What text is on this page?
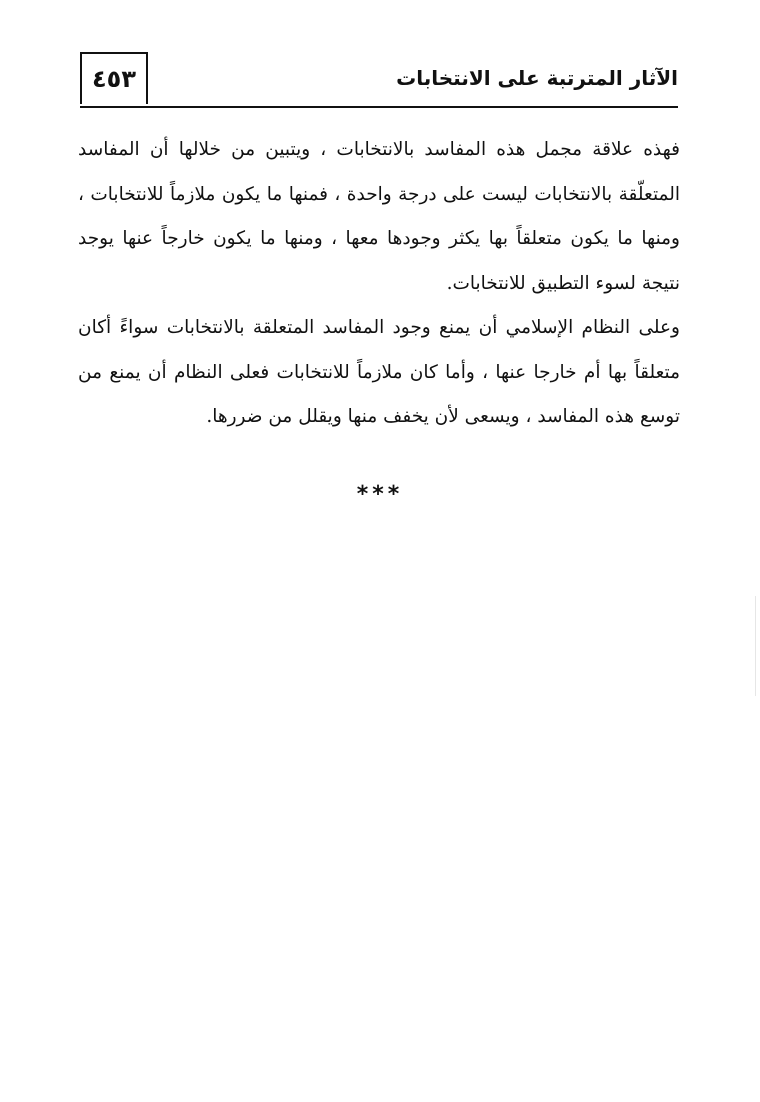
٤٥٣	الآثار المترتبة على الانتخابات

فهذه علاقة مجمل هذه المفاسد بالانتخابات ، ويتبين من خلالها أن المفاسد المتعلّقة بالانتخابات ليست على درجة واحدة ، فمنها ما يكون ملازماً للانتخابات ، ومنها ما يكون متعلقاً بها يكثر وجودها معها ، ومنها ما يكون خارجاً عنها يوجد نتيجة لسوء التطبيق للانتخابات.

وعلى النظام الإسلامي أن يمنع وجود المفاسد المتعلقة بالانتخابات سواءً أكان متعلقاً بها أم خارجا عنها ، وأما كان ملازماً للانتخابات فعلى النظام أن يمنع من توسع هذه المفاسد ، ويسعى لأن يخفف منها ويقلل من ضررها.

***
